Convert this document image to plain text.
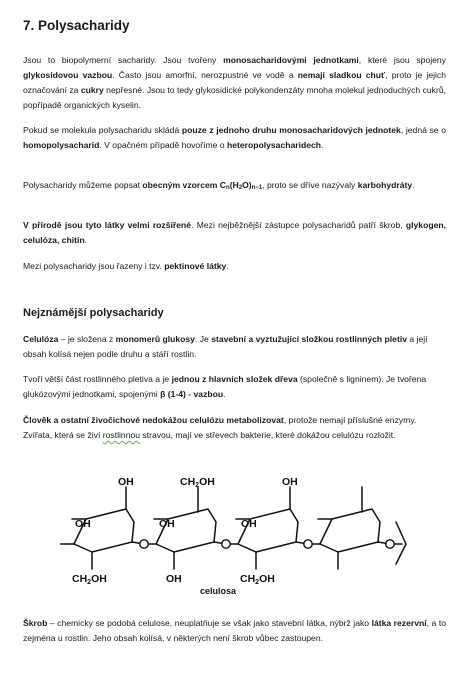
7. Polysacharidy

Jsou to biopolymerní sacharidy. Jsou tvořeny monosacharidovými jednotkami, které jsou spojeny glykosidovou vazbou. Často jsou amorfní, nerozpustné ve vodě a nemají sladkou chuť, proto je jejich označování za cukry nepřesné. Jsou to tedy glykosidické polykondenzáty mnoha molekul jednoduchých cukrů, popřípadě organických kyselin.

Pokud se molekula polysacharidu skládá pouze z jednoho druhu monosacharidových jednotek, jedná se o homopolysacharid. V opačném případě hovoříme o heteropolysacharidech.

Polysacharidy můžeme popsat obecným vzorcem $C_n(H_2O)_{n-1}$, proto se dříve nazývaly karbohydráty.

V přírodě jsou tyto látky velmi rozšířené. Mezi nejběžnější zástupce polysacharidů patří škrob, glykogen, celulóza, chitin.

Mezi polysacharidy jsou řazeny i tzv. pektinové látky.

Nejznámější polysacharidy

Celulóza – je složena z monomerů glukosy. Je stavební a vyztužující složkou rostlinných pletiv a její obsah kolísá nejen podle druhu a stáří rostlin.

Tvoří větší část rostlinného pletiva a je jednou z hlavních složek dřeva (společně s ligninem). Je tvořena glukózovými jednotkami, spojenými β (1-4) - vazbou.

Člověk a ostatní živočichové nedokážou celulózu metabolizovat, protože nemají příslušné enzymy. Zvířata, která se živí rostlinnou stravou, mají ve střevech bakterie, které dokážou celulózu rozložit.

OH	CH2OH	OH
OH	OH	OH
CH2OH	OH	CH2OH
celulosa

Škrob – chemicky se podobá celulose, neuplatňuje se však jako stavební látka, nýbrž jako látka rezervní, a to zejména u rostlin. Jeho obsah kolísá, v některých není škrob vůbec zastoupen.
